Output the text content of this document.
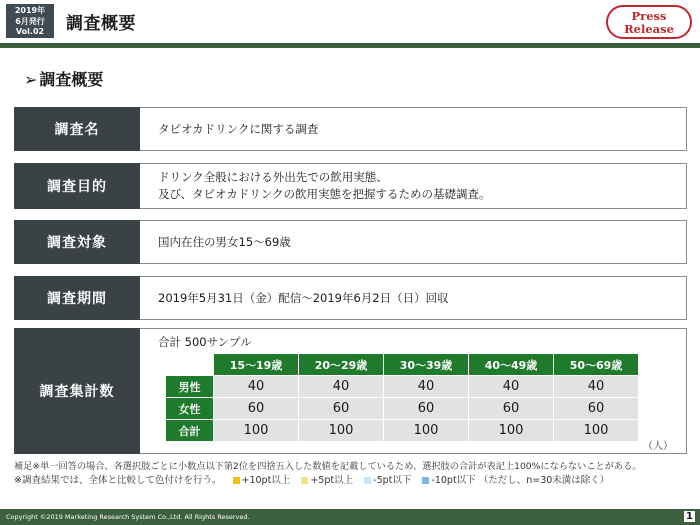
2019年
6月発行
Vol.02	調査概要	Press
Release
➢ 調査概要
調査名	タピオカドリンクに関する調査
調査目的
ドリンク全般における外出先での飲用実態、
及び、タピオカドリンクの飲用実態を把握するための基礎調査。
調査対象	国内在住の男女15～69歳
調査期間	2019年5月31日（金）配信～2019年6月2日（日）回収
調査集計数
合計 500サンプル
	15～19歳	20～29歳	30～39歳	40～49歳	50～69歳
男性	40	40	40	40	40
女性	60	60	60	60	60
合計	100	100	100	100	100
（人）
補足※単一回答の場合、各選択肢ごとに小数点以下第2位を四捨五入した数値を記載しているため、選択肢の合計が表記上100%にならないことがある。
※調査結果では、全体と比較して色付けを行う。 +10pt以上 +5pt以上 -5pt以下 -10pt以下 （ただし、n=30未満は除く）
Copyright ©2019 Marketing Research System Co.,Ltd. All Rights Reserved.	1
